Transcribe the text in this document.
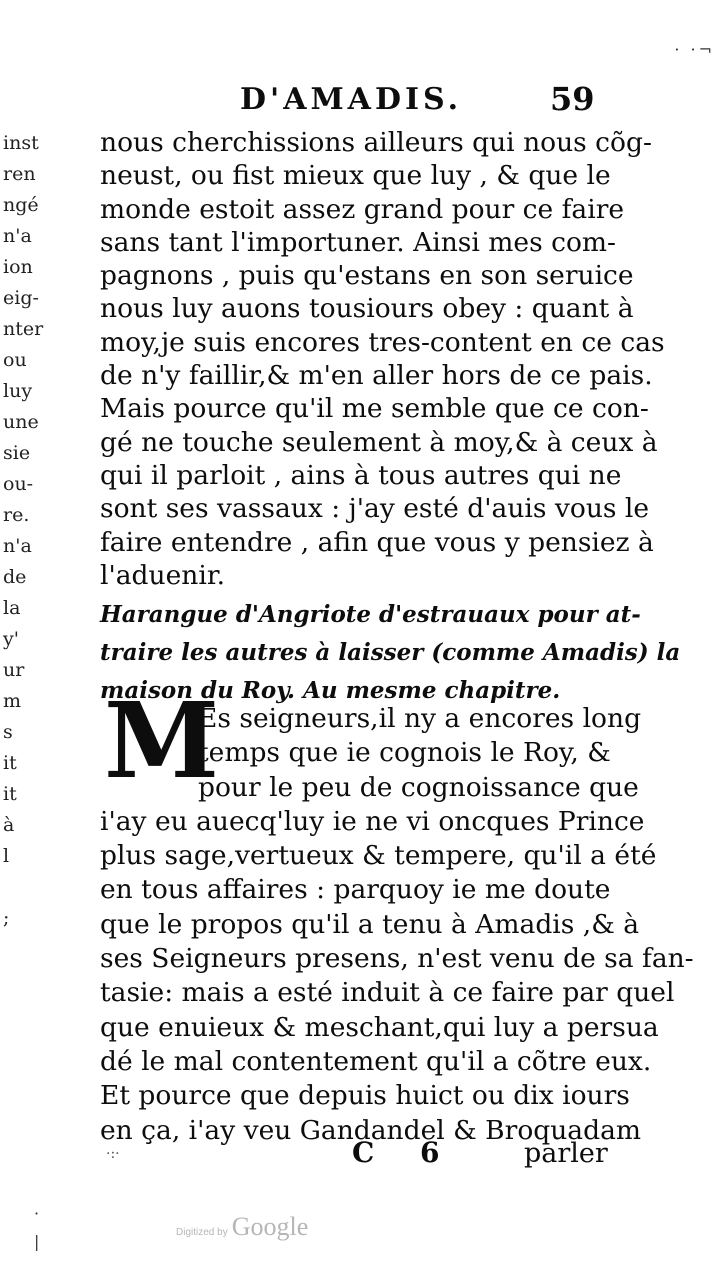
· ·¬
D'AMADIS.	59
inst
ren
ngé
n'a
ion
eig-
nter
ou
luy
une
sie
ou-
re.
n'a
de
la
y'
ur
m
s
it
it
à
l
;
nous cherchissions ailleurs qui nous cõg-
neust, ou fist mieux que luy , & que le
monde estoit assez grand pour ce faire
sans tant l'importuner. Ainsi mes com-
pagnons , puis qu'estans en son seruice
nous luy auons tousiours obey : quant à
moy,je suis encores tres-content en ce cas
de n'y faillir,& m'en aller hors de ce pais.
Mais pource qu'il me semble que ce con-
gé ne touche seulement à moy,& à ceux à
qui il parloit , ains à tous autres qui ne
sont ses vassaux : j'ay esté d'auis vous le
faire entendre , afin que vous y pensiez à
l'aduenir.
Harangue d'Angriote d'estrauaux pour at-
traire les autres à laisser (comme Amadis) la
maison du Roy. Au mesme chapitre.
M
Es seigneurs,il ny a encores long
temps que ie cognois le Roy, &
pour le peu de cognoissance que
i'ay eu auecq'luy ie ne vi oncques Prince
plus sage,vertueux & tempere, qu'il a été
en tous affaires : parquoy ie me doute
que le propos qu'il a tenu à Amadis ,& à
ses Seigneurs presens, n'est venu de sa fan-
tasie: mais a esté induit à ce faire par quel
que enuieux & meschant,qui luy a persua
dé le mal contentement qu'il a cõtre eux.
Et pource que depuis huict ou dix iours
en ça, i'ay veu Gandandel & Broquadam
·:·	C 6 parler
·
|	Digitized by Google
